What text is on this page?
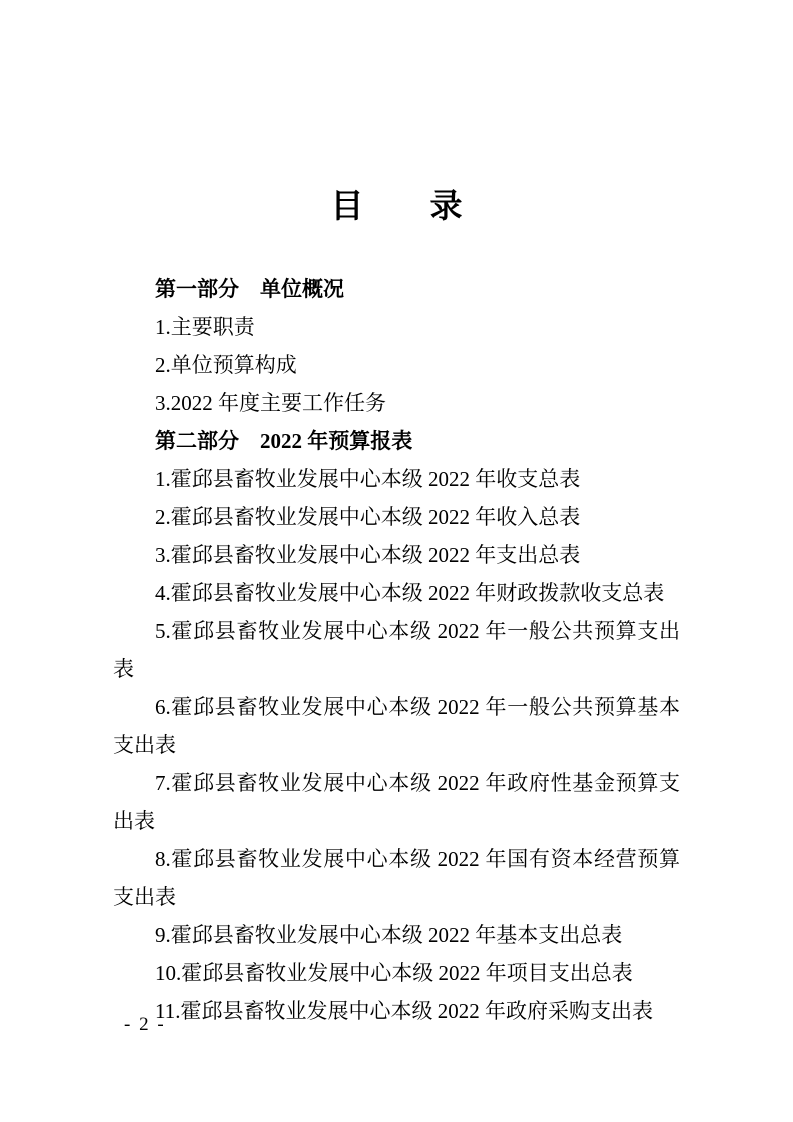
目　　录

第一部分　单位概况

1.主要职责

2.单位预算构成

3.2022 年度主要工作任务

第二部分　2022 年预算报表

1.霍邱县畜牧业发展中心本级 2022 年收支总表

2.霍邱县畜牧业发展中心本级 2022 年收入总表

3.霍邱县畜牧业发展中心本级 2022 年支出总表

4.霍邱县畜牧业发展中心本级 2022 年财政拨款收支总表

5.霍邱县畜牧业发展中心本级 2022 年一般公共预算支出表

6.霍邱县畜牧业发展中心本级 2022 年一般公共预算基本支出表

7.霍邱县畜牧业发展中心本级 2022 年政府性基金预算支出表

8.霍邱县畜牧业发展中心本级 2022 年国有资本经营预算支出表

9.霍邱县畜牧业发展中心本级 2022 年基本支出总表

10.霍邱县畜牧业发展中心本级 2022 年项目支出总表

11.霍邱县畜牧业发展中心本级 2022 年政府采购支出表

- 2 -
